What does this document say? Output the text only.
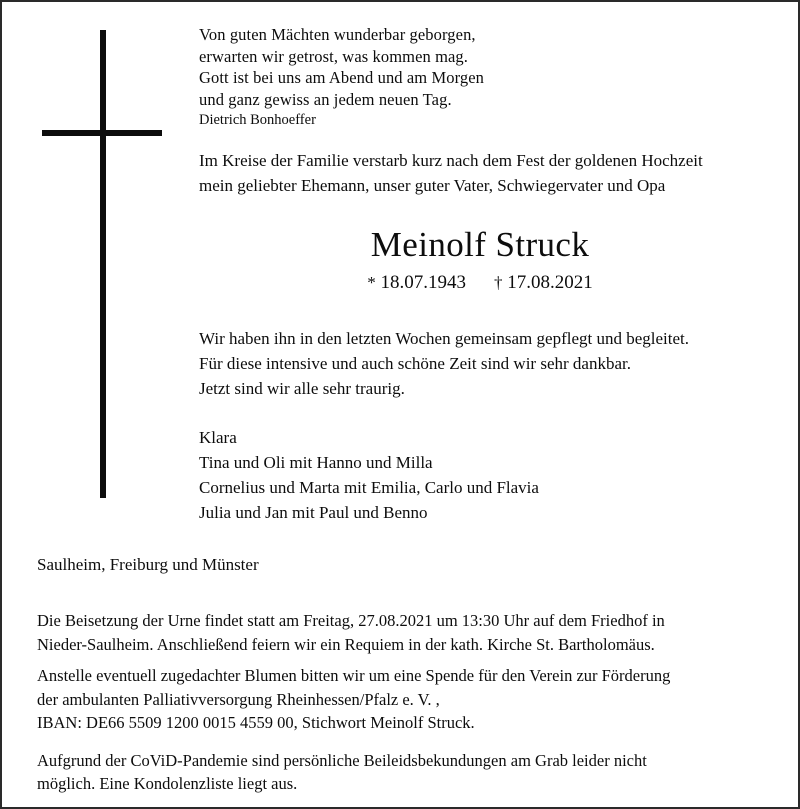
Von guten Mächten wunderbar geborgen,
erwarten wir getrost, was kommen mag.
Gott ist bei uns am Abend und am Morgen
und ganz gewiss an jedem neuen Tag.
Dietrich Bonhoeffer
Im Kreise der Familie verstarb kurz nach dem Fest der goldenen Hochzeit
mein geliebter Ehemann, unser guter Vater, Schwiegervater und Opa
Meinolf Struck
* 18.07.1943 † 17.08.2021
Wir haben ihn in den letzten Wochen gemeinsam gepflegt und begleitet.
Für diese intensive und auch schöne Zeit sind wir sehr dankbar.
Jetzt sind wir alle sehr traurig.
Klara
Tina und Oli mit Hanno und Milla
Cornelius und Marta mit Emilia, Carlo und Flavia
Julia und Jan mit Paul und Benno
Saulheim, Freiburg und Münster
Die Beisetzung der Urne findet statt am Freitag, 27.08.2021 um 13:30 Uhr auf dem Friedhof in
Nieder-Saulheim. Anschließend feiern wir ein Requiem in der kath. Kirche St. Bartholomäus.
Anstelle eventuell zugedachter Blumen bitten wir um eine Spende für den Verein zur Förderung
der ambulanten Palliativversorgung Rheinhessen/Pfalz e. V. ,
IBAN: DE66 5509 1200 0015 4559 00, Stichwort Meinolf Struck.
Aufgrund der CoViD-Pandemie sind persönliche Beileidsbekundungen am Grab leider nicht
möglich. Eine Kondolenzliste liegt aus.
